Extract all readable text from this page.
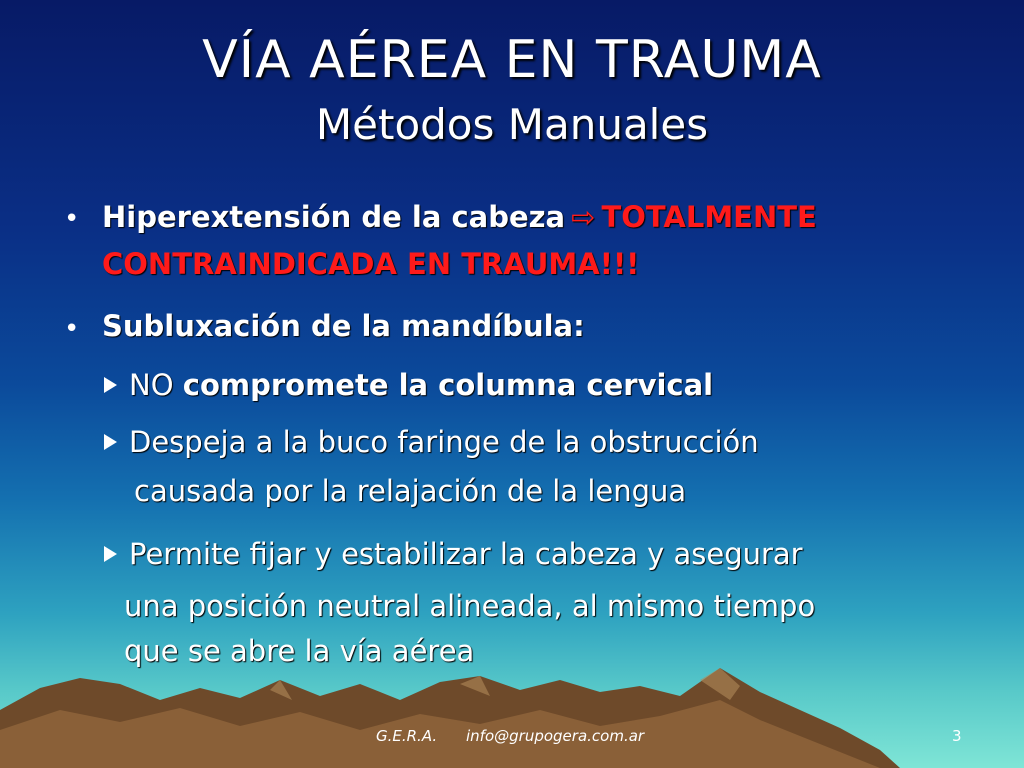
VÍA AÉREA EN TRAUMA
Métodos Manuales
• Hiperextensión de la cabeza ⇨ TOTALMENTE
CONTRAINDICADA EN TRAUMA!!!
• Subluxación de la mandíbula:
NO compromete la columna cervical
Despeja a la buco faringe de la obstrucción
causada por la relajación de la lengua
Permite fijar y estabilizar la cabeza y asegurar
una posición neutral alineada, al mismo tiempo
que se abre la vía aérea
G.E.R.A. info@grupogera.com.ar	3
